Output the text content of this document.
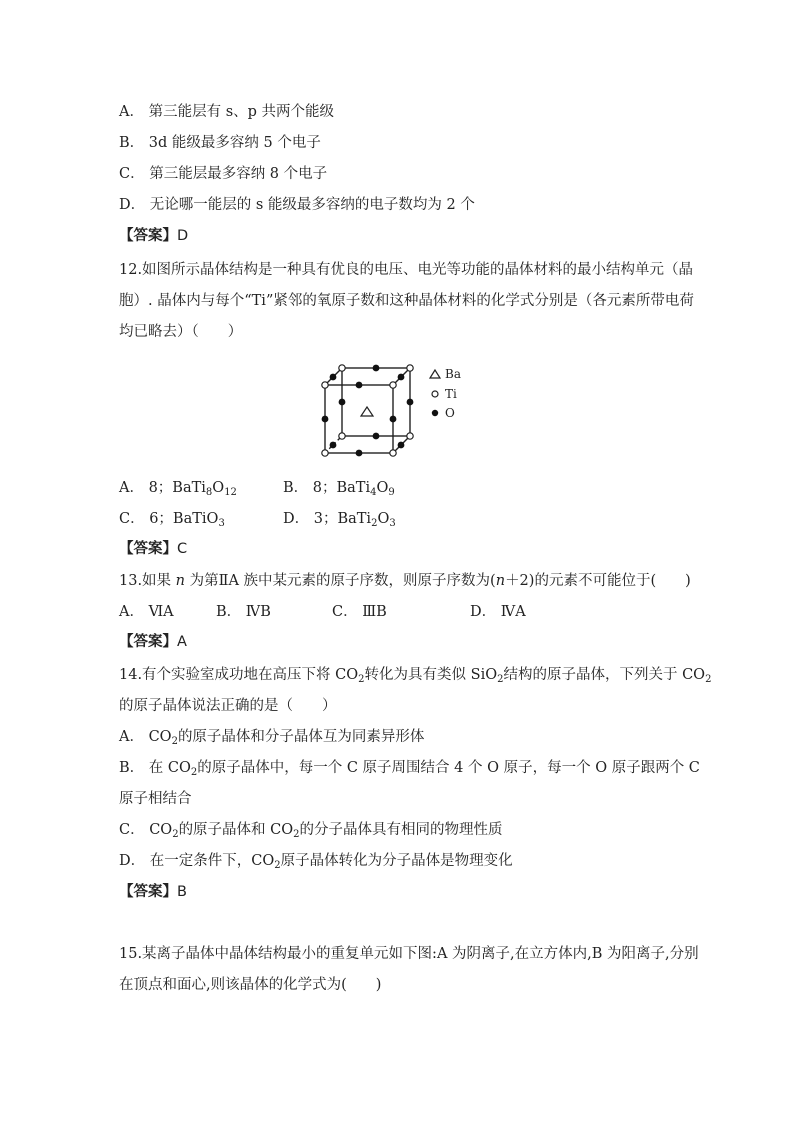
A． 第三能层有 s、p 共两个能级
B． 3d 能级最多容纳 5 个电子
C． 第三能层最多容纳 8 个电子
D． 无论哪一能层的 s 能级最多容纳的电子数均为 2 个
【答案】D
12.如图所示晶体结构是一种具有优良的电压、电光等功能的晶体材料的最小结构单元（晶
胞）. 晶体内与每个“Ti”紧邻的氧原子数和这种晶体材料的化学式分别是（各元素所带电荷
均已略去）（　　）
Ba
Ti
O
A． 8；$BaTi_8O_{12}$	B． 8；$BaTi_4O_9$
C． 6；BaTiO$_3$	D． 3；$BaTi_2O_3$
【答案】C
13.如果 n 为第ⅡA 族中某元素的原子序数，则原子序数为(n＋2)的元素不可能位于(　　)
A． ⅥA	B． ⅣB	C． ⅢB	D． ⅣA
【答案】A
14.有个实验室成功地在高压下将 $CO_2$转化为具有类似 SiO$_2$结构的原子晶体，下列关于 $CO_2$
的原子晶体说法正确的是（　　）
A． $CO_2$的原子晶体和分子晶体互为同素异形体
B． 在 $CO_2$的原子晶体中，每一个 C 原子周围结合 4 个 O 原子，每一个 O 原子跟两个 C
原子相结合
C． $CO_2$的原子晶体和 $CO_2$的分子晶体具有相同的物理性质
D． 在一定条件下，$CO_2$原子晶体转化为分子晶体是物理变化
【答案】B
15.某离子晶体中晶体结构最小的重复单元如下图:A 为阴离子,在立方体内,B 为阳离子,分别
在顶点和面心,则该晶体的化学式为(　　)
